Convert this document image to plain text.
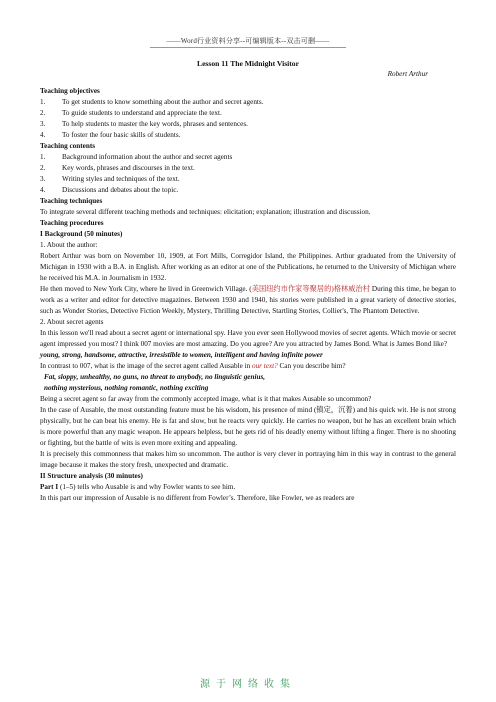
——Word行业资料分享--可编辑版本--双击可删——

Lesson 11 The Midnight Visitor

Robert Arthur

Teaching objectives

1.	To get students to know something about the author and secret agents.
2.	To guide students to understand and appreciate the text.
3.	To help students to master the key words, phrases and sentences.
4.	To foster the four basic skills of students.

Teaching contents

1.	Background information about the author and secret agents
2.	Key words, phrases and discourses in the text.
3.	Writing styles and techniques of the text.
4.	Discussions and debates about the topic.

Teaching techniques

To integrate several different teaching methods and techniques: elicitation; explanation; illustration and discussion.

Teaching procedures

I Background (50 minutes)

1. About the author:

Robert Arthur was born on November 10, 1909, at Fort Mills, Corregidor Island, the Philippines. Arthur graduated from the University of Michigan in 1930 with a B.A. in English. After working as an editor at one of the Publications, he returned to the University of Michigan where he received his M.A. in Journalism in 1932.

He then moved to New York City, where he lived in Greenwich Village. (美国纽约市作家等聚居的)格林威治村 During this time, he began to work as a writer and editor for detective magazines. Between 1930 and 1940, his stories were published in a great variety of detective stories, such as Wonder Stories, Detective Fiction Weekly, Mystery, Thrilling Detective, Startling Stories, Collier's, The Phantom Detective.

2. About secret agents

In this lesson we'll read about a secret agent or international spy. Have you ever seen Hollywood movies of secret agents. Which movie or secret agent impressed you most? I think 007 movies are most amazing. Do you agree? Are you attracted by James Bond. What is James Bond like?

young, strong, handsome, attractive, irresistible to women, intelligent and having infinite power

In contrast to 007, what is the image of the secret agent called Ausable in our text? Can you describe him?

Fat, sloppy, unhealthy, no guns, no threat to anybody, no linguistic genius,

nothing mysterious, nothing romantic, nothing exciting

Being a secret agent so far away from the commonly accepted image, what is it that makes Ausable so uncommon?

In the case of Ausable, the most outstanding feature must be his wisdom, his presence of mind (镇定，沉着) and his quick wit. He is not strong physically, but he can beat his enemy. He is fat and slow, but he reacts very quickly. He carries no weapon, but he has an excellent brain which is more powerful than any magic weapon. He appears helpless, but he gets rid of his deadly enemy without lifting a finger. There is no shooting or fighting, but the battle of wits is even more exiting and appealing.

It is precisely this commonness that makes him so uncommon. The author is very clever in portraying him in this way in contrast to the general image because it makes the story fresh, unexpected and dramatic.

II Structure analysis (30 minutes)

Part I (1–5) tells who Ausable is and why Fowler wants to see him.

In this part our impression of Ausable is no different from Fowler’s. Therefore, like Fowler, we as readers are

源于网络收集
